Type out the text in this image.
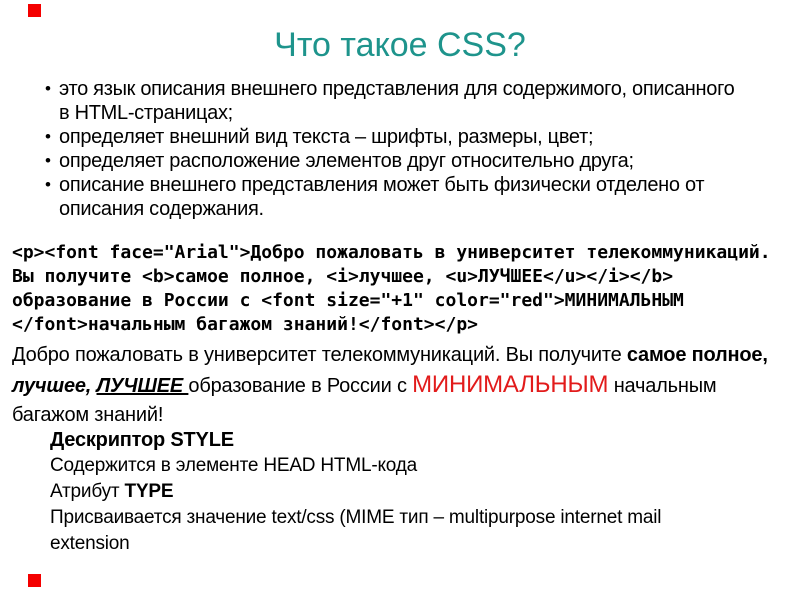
Что такое CSS?
• это язык описания внешнего представления для содержимого, описанного
в HTML-страницах;
• определяет внешний вид текста – шрифты, размеры, цвет;
• определяет расположение элементов друг относительно друга;
• описание внешнего представления может быть физически отделено от
описания содержания.
<p><font face="Arial">Добро пожаловать в университет телекоммуникаций.
Вы получите <b>самое полное, <i>лучшее, <u>ЛУЧШЕЕ</u></i></b>
образование в России с <font size="+1" color="red">МИНИМАЛЬНЫМ
</font>начальным багажом знаний!</font></p>

Добро пожаловать в университет телекоммуникаций. Вы получите самое полное,
лучшее, ЛУЧШЕЕ образование в России с МИНИМАЛЬНЫМ начальным
багажом знаний!

Дескриптор STYLE
Содержится в элементе HEAD HTML-кода
Атрибут TYPE
Присваивается значение text/css (MIME тип – multipurpose internet mail
extension
